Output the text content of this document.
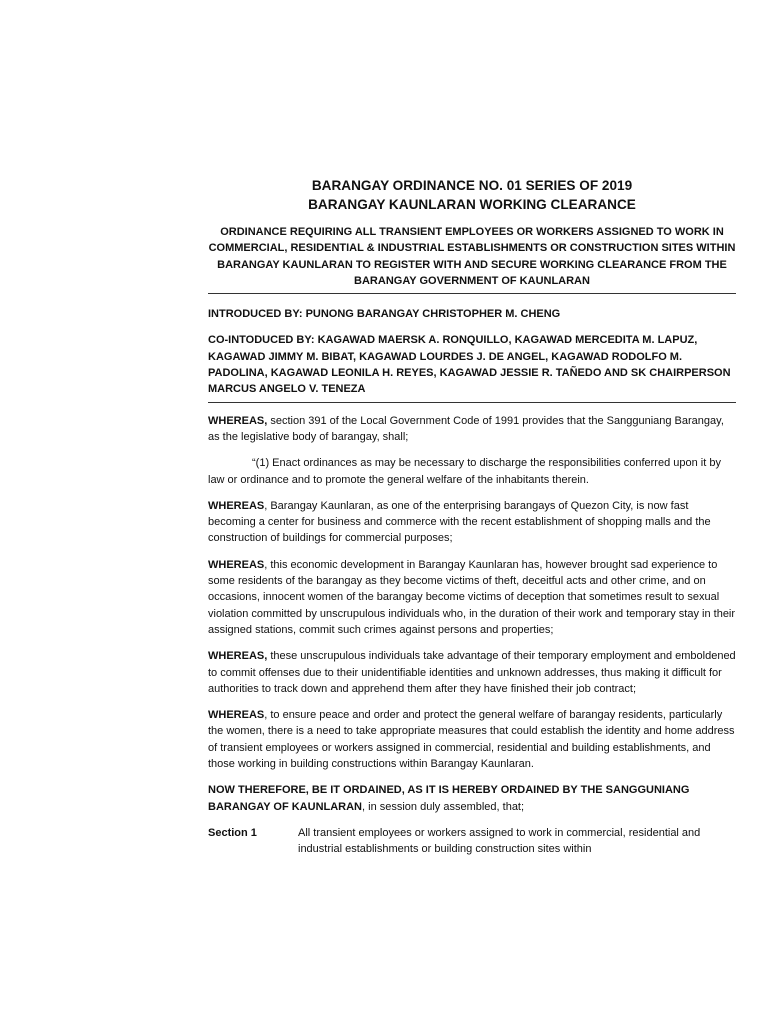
BARANGAY ORDINANCE NO. 01 SERIES OF 2019
BARANGAY KAUNLARAN WORKING CLEARANCE
ORDINANCE REQUIRING ALL TRANSIENT EMPLOYEES OR WORKERS ASSIGNED TO WORK IN COMMERCIAL, RESIDENTIAL & INDUSTRIAL ESTABLISHMENTS OR CONSTRUCTION SITES WITHIN BARANGAY KAUNLARAN TO REGISTER WITH AND SECURE WORKING CLEARANCE FROM THE BARANGAY GOVERNMENT OF KAUNLARAN
INTRODUCED BY: PUNONG BARANGAY CHRISTOPHER M. CHENG
CO-INTODUCED BY: KAGAWAD MAERSK A. RONQUILLO, KAGAWAD MERCEDITA M. LAPUZ, KAGAWAD JIMMY M. BIBAT, KAGAWAD LOURDES J. DE ANGEL, KAGAWAD RODOLFO M. PADOLINA, KAGAWAD LEONILA H. REYES, KAGAWAD JESSIE R. TAÑEDO AND SK CHAIRPERSON MARCUS ANGELO V. TENEZA

WHEREAS, section 391 of the Local Government Code of 1991 provides that the Sangguniang Barangay, as the legislative body of barangay, shall;

“(1) Enact ordinances as may be necessary to discharge the responsibilities conferred upon it by law or ordinance and to promote the general welfare of the inhabitants therein.

WHEREAS, Barangay Kaunlaran, as one of the enterprising barangays of Quezon City, is now fast becoming a center for business and commerce with the recent establishment of shopping malls and the construction of buildings for commercial purposes;

WHEREAS, this economic development in Barangay Kaunlaran has, however brought sad experience to some residents of the barangay as they become victims of theft, deceitful acts and other crime, and on occasions, innocent women of the barangay become victims of deception that sometimes result to sexual violation committed by unscrupulous individuals who, in the duration of their work and temporary stay in their assigned stations, commit such crimes against persons and properties;

WHEREAS, these unscrupulous individuals take advantage of their temporary employment and emboldened to commit offenses due to their unidentifiable identities and unknown addresses, thus making it difficult for authorities to track down and apprehend them after they have finished their job contract;

WHEREAS, to ensure peace and order and protect the general welfare of barangay residents, particularly the women, there is a need to take appropriate measures that could establish the identity and home address of transient employees or workers assigned in commercial, residential and building establishments, and those working in building constructions within Barangay Kaunlaran.

NOW THEREFORE, BE IT ORDAINED, AS IT IS HEREBY ORDAINED BY THE SANGGUNIANG BARANGAY OF KAUNLARAN, in session duly assembled, that;

Section 1	All transient employees or workers assigned to work in commercial, residential and industrial establishments or building construction sites within
